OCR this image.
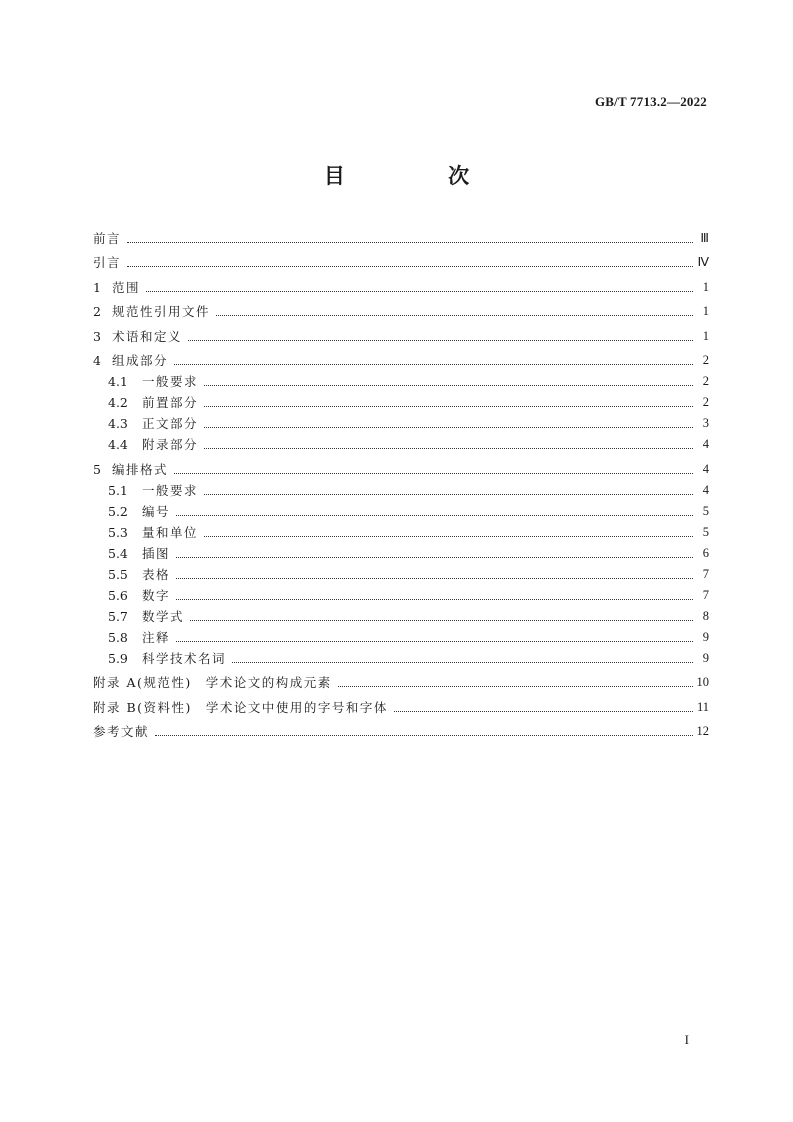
GB/T 7713.2—2022
目 次
前言	Ⅲ
引言	Ⅳ
1 范围	1
2 规范性引用文件	1
3 术语和定义	1
4 组成部分	2
4.1	一般要求	2
4.2	前置部分	2
4.3	正文部分	3
4.4	附录部分	4
5 编排格式	4
5.1	一般要求	4
5.2	编号	5
5.3	量和单位	5
5.4	插图	6
5.5	表格	7
5.6	数字	7
5.7	数学式	8
5.8	注释	9
5.9	科学技术名词	9
附录 A(规范性)　学术论文的构成元素	10
附录 B(资料性)　学术论文中使用的字号和字体	11
参考文献	12
I
